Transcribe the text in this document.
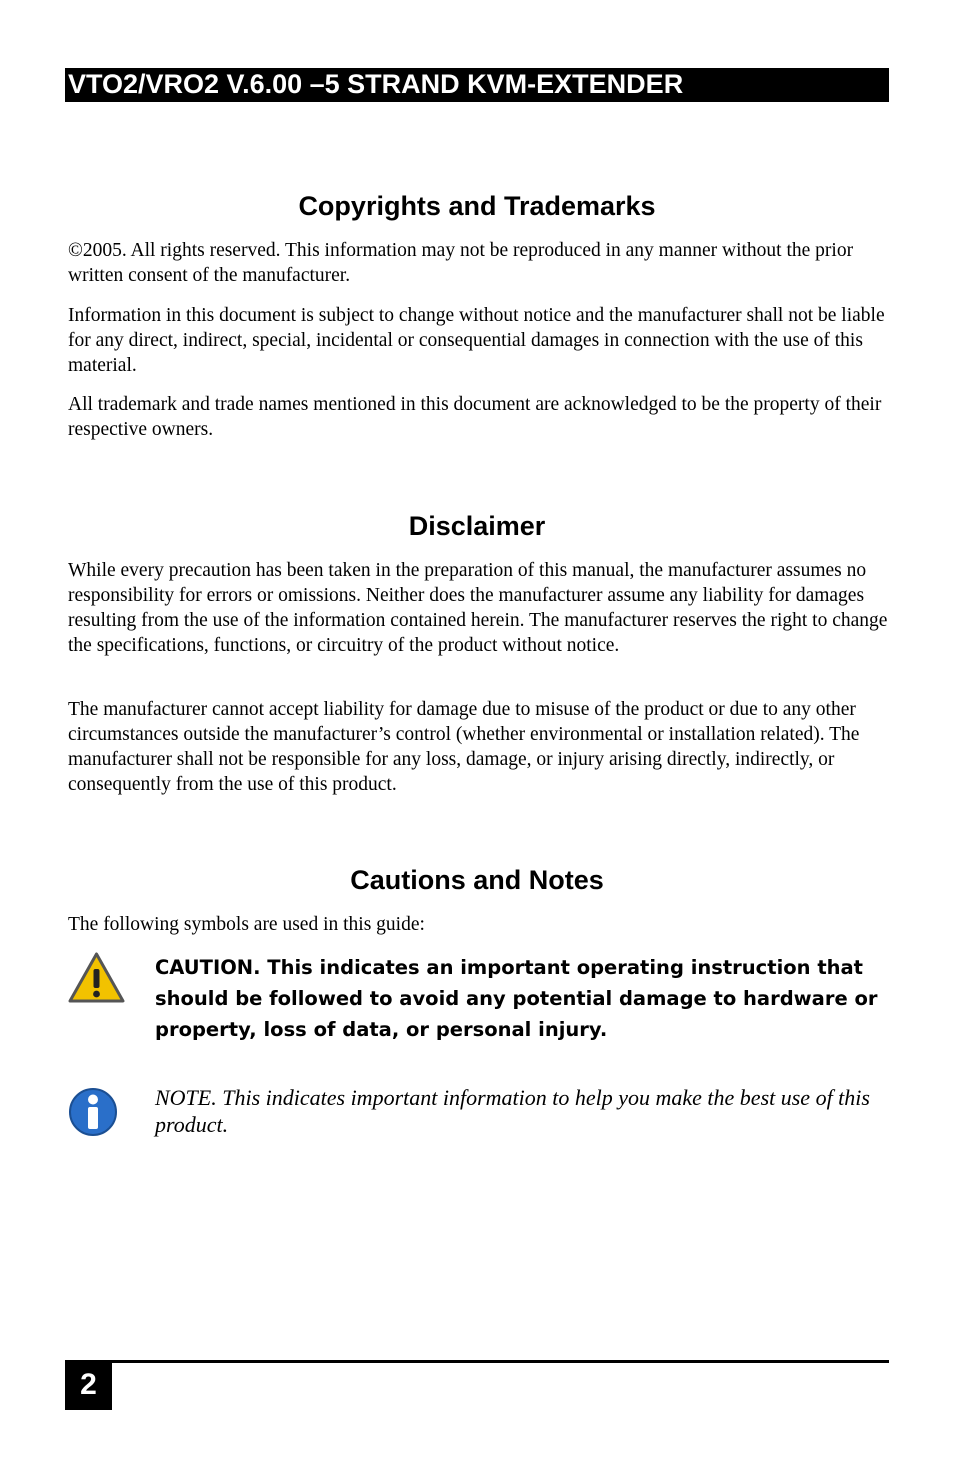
VTO2/VRO2 V.6.00 –5 STRAND KVM-EXTENDER
Copyrights and Trademarks

©2005. All rights reserved. This information may not be reproduced in any manner without the prior written consent of the manufacturer.

Information in this document is subject to change without notice and the manufacturer shall not be liable for any direct, indirect, special, incidental or consequential damages in connection with the use of this material.

All trademark and trade names mentioned in this document are acknowledged to be the property of their respective owners.

Disclaimer

While every precaution has been taken in the preparation of this manual, the manufacturer assumes no responsibility for errors or omissions. Neither does the manufacturer assume any liability for damages resulting from the use of the information contained herein. The manufacturer reserves the right to change the specifications, functions, or circuitry of the product without notice.

The manufacturer cannot accept liability for damage due to misuse of the product or due to any other circumstances outside the manufacturer’s control (whether environmental or installation related). The manufacturer shall not be responsible for any loss, damage, or injury arising directly, indirectly, or consequently from the use of this product.

Cautions and Notes

The following symbols are used in this guide:

CAUTION. This indicates an important operating instruction that should be followed to avoid any potential damage to hardware or property, loss of data, or personal injury.

NOTE. This indicates important information to help you make the best use of this product.

2
